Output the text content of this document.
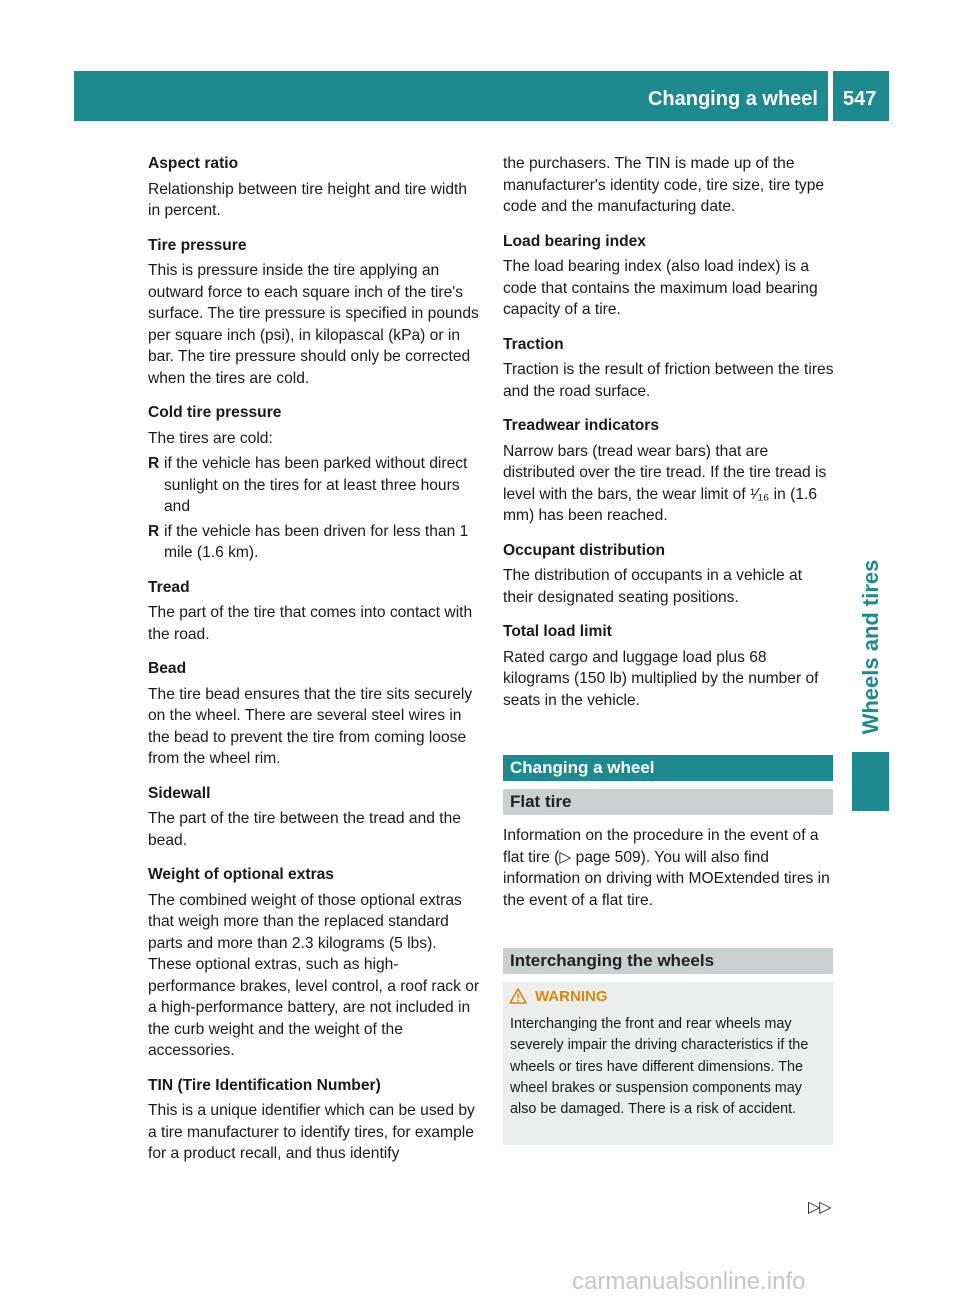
Changing a wheel 547
Wheels and tires

Aspect ratio

Relationship between tire height and tire width in percent.

Tire pressure

This is pressure inside the tire applying an outward force to each square inch of the tire's surface. The tire pressure is specified in pounds per square inch (psi), in kilopascal (kPa) or in bar. The tire pressure should only be corrected when the tires are cold.

Cold tire pressure

The tires are cold:

R if the vehicle has been parked without direct sunlight on the tires for at least three hours and
R if the vehicle has been driven for less than 1 mile (1.6 km).

Tread

The part of the tire that comes into contact with the road.

Bead

The tire bead ensures that the tire sits securely on the wheel. There are several steel wires in the bead to prevent the tire from coming loose from the wheel rim.

Sidewall

The part of the tire between the tread and the bead.

Weight of optional extras

The combined weight of those optional extras that weigh more than the replaced standard parts and more than 2.3 kilograms (5 lbs). These optional extras, such as high-performance brakes, level control, a roof rack or a high-performance battery, are not included in the curb weight and the weight of the accessories.

TIN (Tire Identification Number)

This is a unique identifier which can be used by a tire manufacturer to identify tires, for example for a product recall, and thus identify

the purchasers. The TIN is made up of the manufacturer's identity code, tire size, tire type code and the manufacturing date.

Load bearing index

The load bearing index (also load index) is a code that contains the maximum load bearing capacity of a tire.

Traction

Traction is the result of friction between the tires and the road surface.

Treadwear indicators

Narrow bars (tread wear bars) that are distributed over the tire tread. If the tire tread is level with the bars, the wear limit of ¹⁄₁₆ in (1.6 mm) has been reached.

Occupant distribution

The distribution of occupants in a vehicle at their designated seating positions.

Total load limit

Rated cargo and luggage load plus 68 kilograms (150 lb) multiplied by the number of seats in the vehicle.

Changing a wheel
Flat tire

Information on the procedure in the event of a flat tire (▷ page 509). You will also find information on driving with MOExtended tires in the event of a flat tire.

Interchanging the wheels
WARNING

Interchanging the front and rear wheels may severely impair the driving characteristics if the wheels or tires have different dimensions. The wheel brakes or suspension components may also be damaged. There is a risk of accident.

▷▷
carmanualsonline.info
